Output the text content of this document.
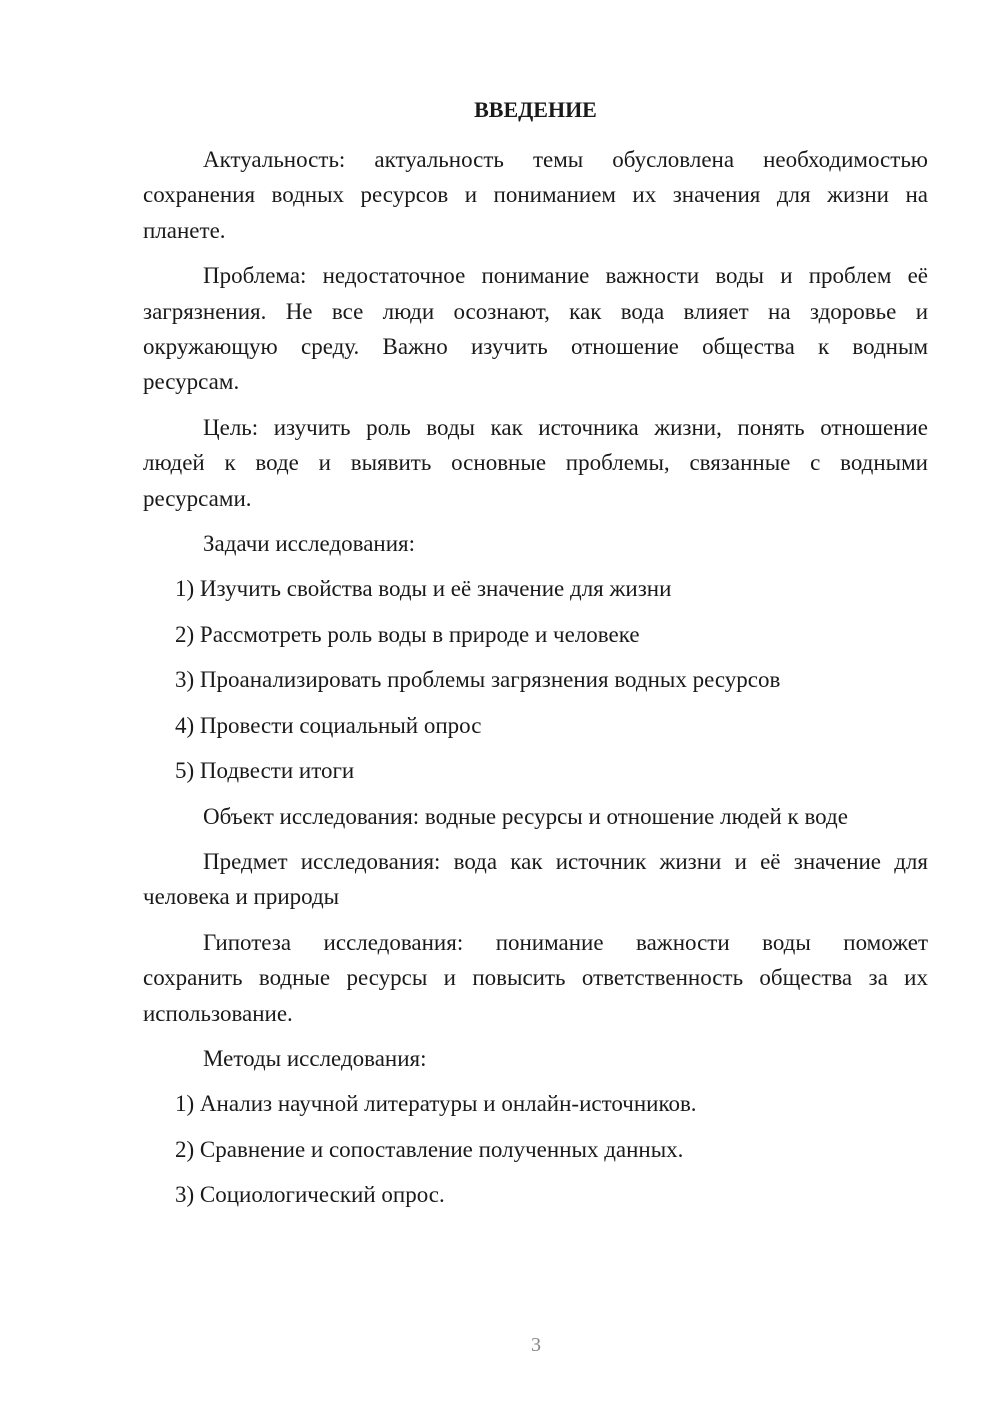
ВВЕДЕНИЕ
Актуальность: актуальность темы обусловлена необходимостью
сохранения водных ресурсов и пониманием их значения для жизни на
планете.
Проблема: недостаточное понимание важности воды и проблем её
загрязнения. Не все люди осознают, как вода влияет на здоровье и
окружающую среду. Важно изучить отношение общества к водным
ресурсам.
Цель: изучить роль воды как источника жизни, понять отношение
людей к воде и выявить основные проблемы, связанные с водными
ресурсами.
Задачи исследования:
1) Изучить свойства воды и её значение для жизни
2) Рассмотреть роль воды в природе и человеке
3) Проанализировать проблемы загрязнения водных ресурсов
4) Провести социальный опрос
5) Подвести итоги
Объект исследования: водные ресурсы и отношение людей к воде
Предмет исследования: вода как источник жизни и её значение для
человека и природы
Гипотеза исследования: понимание важности воды поможет
сохранить водные ресурсы и повысить ответственность общества за их
использование.
Методы исследования:
1) Анализ научной литературы и онлайн-источников.
2) Сравнение и сопоставление полученных данных.
3) Социологический опрос.
3
